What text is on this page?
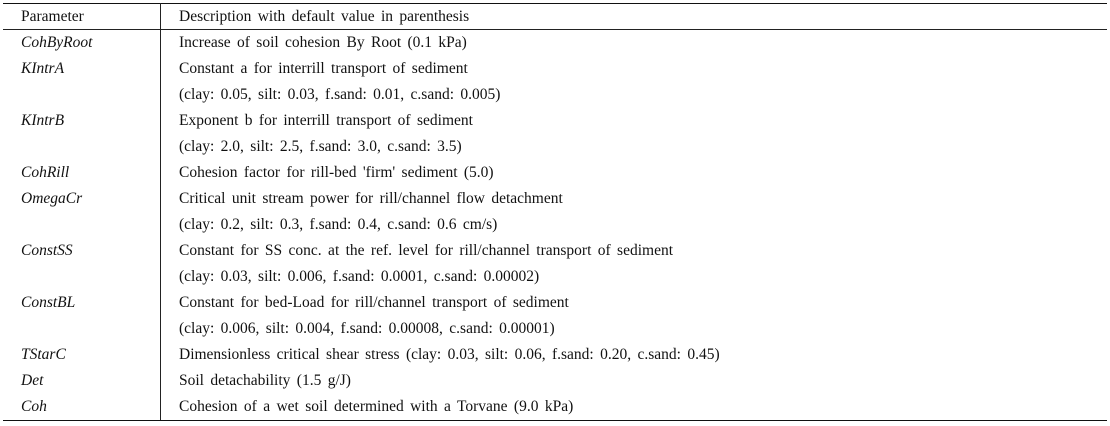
Parameter	Description with default value in parenthesis
CohByRoot	Increase of soil cohesion By Root (0.1 kPa)

KIntrA	Constant a for interrill transport of sediment
(clay: 0.05, silt: 0.03, f.sand: 0.01, c.sand: 0.005)

KIntrB	Exponent b for interrill transport of sediment
(clay: 2.0, silt: 2.5, f.sand: 3.0, c.sand: 3.5)

CohRill	Cohesion factor for rill-bed 'firm' sediment (5.0)

OmegaCr	Critical unit stream power for rill/channel flow detachment
(clay: 0.2, silt: 0.3, f.sand: 0.4, c.sand: 0.6 cm/s)

ConstSS	Constant for SS conc. at the ref. level for rill/channel transport of sediment
(clay: 0.03, silt: 0.006, f.sand: 0.0001, c.sand: 0.00002)

ConstBL	Constant for bed-Load for rill/channel transport of sediment
(clay: 0.006, silt: 0.004, f.sand: 0.00008, c.sand: 0.00001)

TStarC	Dimensionless critical shear stress (clay: 0.03, silt: 0.06, f.sand: 0.20, c.sand: 0.45)

Det	Soil detachability (1.5 g/J)

Coh	Cohesion of a wet soil determined with a Torvane (9.0 kPa)
